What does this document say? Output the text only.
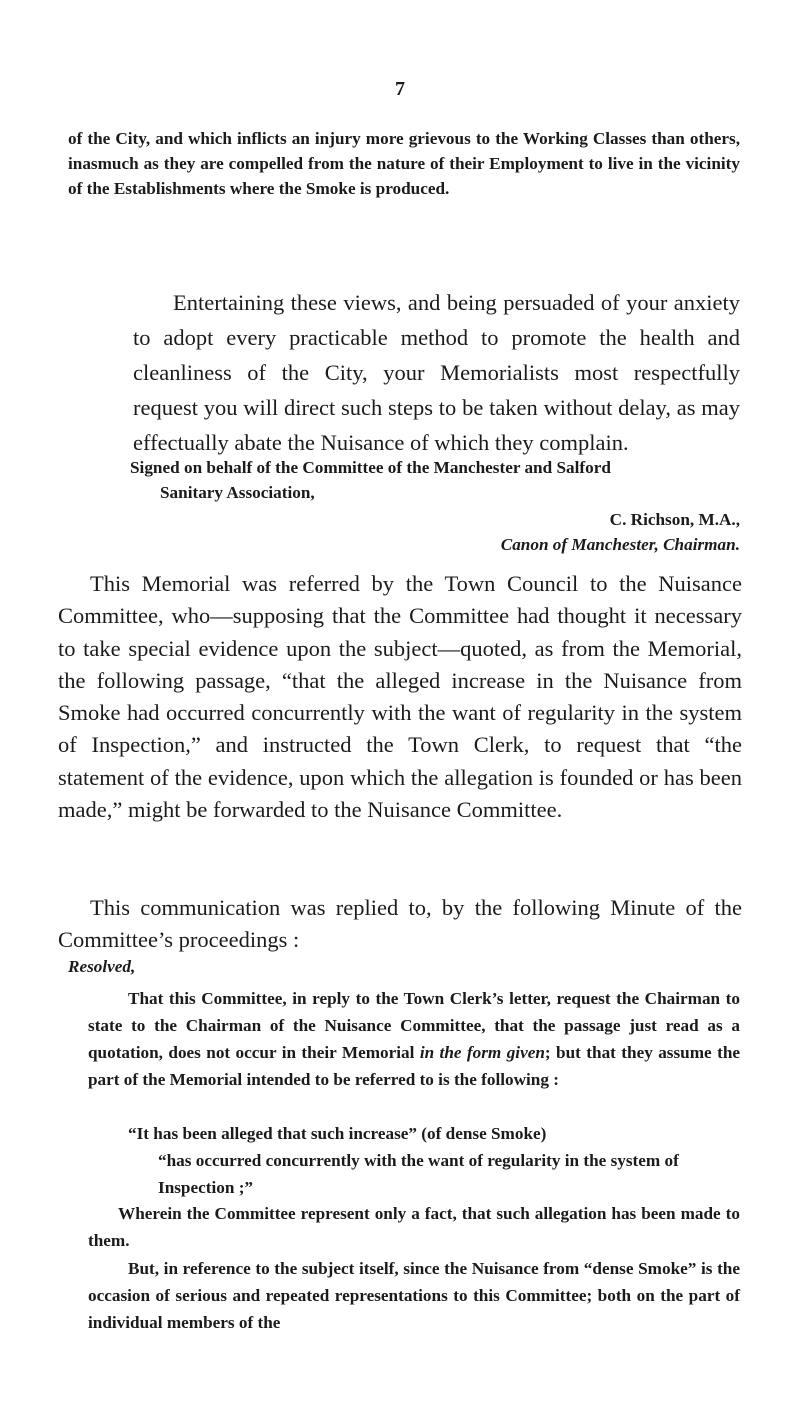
7

of the City, and which inflicts an injury more grievous to the Working Classes than others, inasmuch as they are compelled from the nature of their Employment to live in the vicinity of the Establishments where the Smoke is produced.

Entertaining these views, and being persuaded of your anxiety to adopt every practicable method to promote the health and cleanliness of the City, your Memorialists most respectfully request you will direct such steps to be taken without delay, as may effectually abate the Nuisance of which they complain.

Signed on behalf of the Committee of the Manchester and Salford
Sanitary Association,
C. Richson, M.A.,
Canon of Manchester, Chairman.

This Memorial was referred by the Town Council to the Nuisance Committee, who—supposing that the Committee had thought it necessary to take special evidence upon the subject—quoted, as from the Memorial, the following passage, “that the alleged increase in the Nuisance from Smoke had occurred concurrently with the want of regularity in the system of Inspection,” and instructed the Town Clerk, to request that “the statement of the evidence, upon which the allegation is founded or has been made,” might be forwarded to the Nuisance Committee.

This communication was replied to, by the following Minute of the Committee’s proceedings :

Resolved,

That this Committee, in reply to the Town Clerk’s letter, request the Chairman to state to the Chairman of the Nuisance Committee, that the passage just read as a quotation, does not occur in their Memorial in the form given; but that they assume the part of the Memorial intended to be referred to is the following :

“It has been alleged that such increase” (of dense Smoke)
“has occurred concurrently with the want of regularity in the system of Inspection ;”

Wherein the Committee represent only a fact, that such allegation has been made to them.

But, in reference to the subject itself, since the Nuisance from “dense Smoke” is the occasion of serious and repeated representations to this Committee; both on the part of individual members of the
